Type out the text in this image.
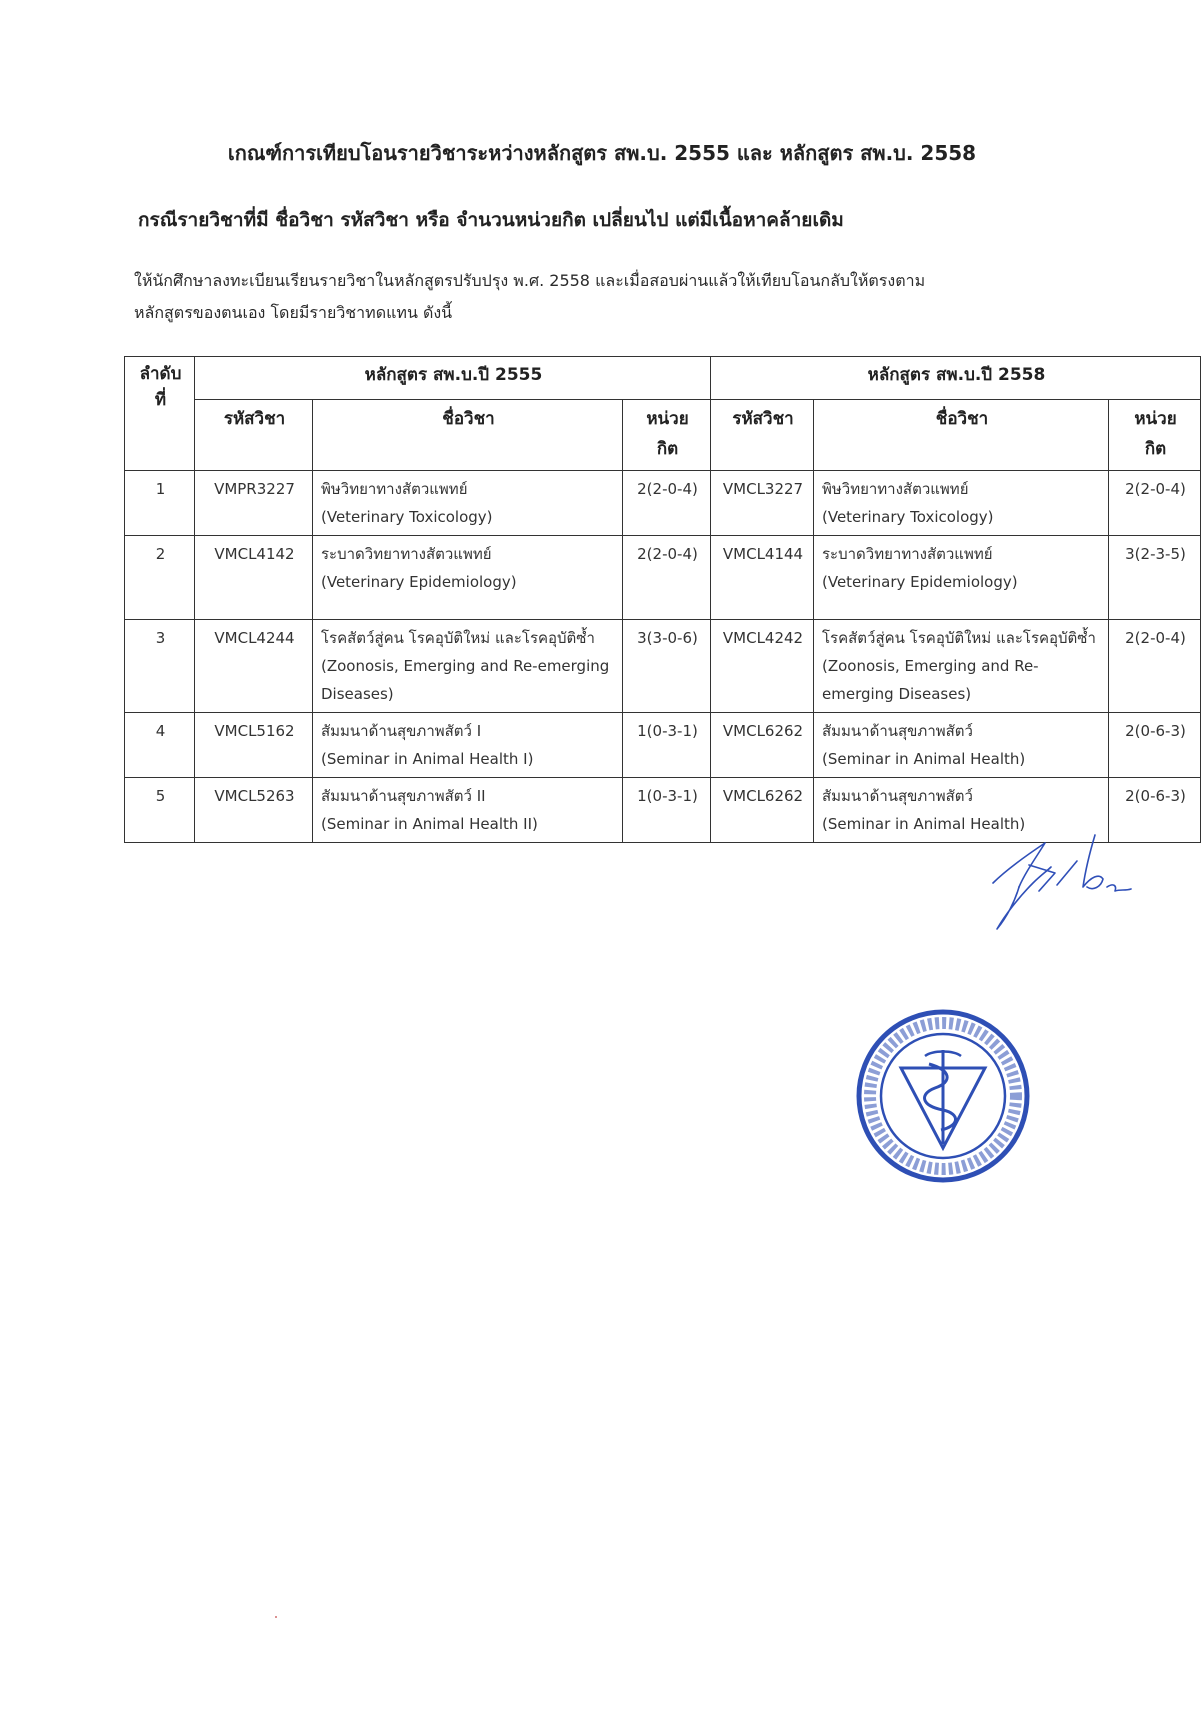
เกณฑ์การเทียบโอนรายวิชาระหว่างหลักสูตร สพ.บ. 2555 และ หลักสูตร สพ.บ. 2558
กรณีรายวิชาที่มี ชื่อวิชา รหัสวิชา หรือ จำนวนหน่วยกิต เปลี่ยนไป แต่มีเนื้อหาคล้ายเดิม
ให้นักศึกษาลงทะเบียนเรียนรายวิชาในหลักสูตรปรับปรุง พ.ศ. 2558 และเมื่อสอบผ่านแล้วให้เทียบโอนกลับให้ตรงตาม
หลักสูตรของตนเอง โดยมีรายวิชาทดแทน ดังนี้
ลำดับ
ที่	หลักสูตร สพ.บ.ปี 2555			หลักสูตร สพ.บ.ปี 2558		
	รหัสวิชา	ชื่อวิชา	หน่วย
กิต	รหัสวิชา	ชื่อวิชา	หน่วย
กิต

1	VMPR3227	พิษวิทยาทางสัตวแพทย์
(Veterinary Toxicology)	2(2-0-4)	VMCL3227	พิษวิทยาทางสัตวแพทย์
(Veterinary Toxicology)	2(2-0-4)
2	VMCL4142	ระบาดวิทยาทางสัตวแพทย์
(Veterinary Epidemiology)	2(2-0-4)	VMCL4144	ระบาดวิทยาทางสัตวแพทย์
(Veterinary Epidemiology)	3(2-3-5)
3	VMCL4244	โรคสัตว์สู่คน โรคอุบัติใหม่ และโรคอุบัติซ้ำ
(Zoonosis, Emerging and Re-emerging Diseases)	3(3-0-6)	VMCL4242	โรคสัตว์สู่คน โรคอุบัติใหม่ และโรคอุบัติซ้ำ
(Zoonosis, Emerging and Re-emerging Diseases)	2(2-0-4)
4	VMCL5162	สัมมนาด้านสุขภาพสัตว์ I
(Seminar in Animal Health I)	1(0-3-1)	VMCL6262	สัมมนาด้านสุขภาพสัตว์
(Seminar in Animal Health)	2(0-6-3)
5	VMCL5263	สัมมนาด้านสุขภาพสัตว์ II
(Seminar in Animal Health II)	1(0-3-1)	VMCL6262	สัมมนาด้านสุขภาพสัตว์
(Seminar in Animal Health)	2(0-6-3)
